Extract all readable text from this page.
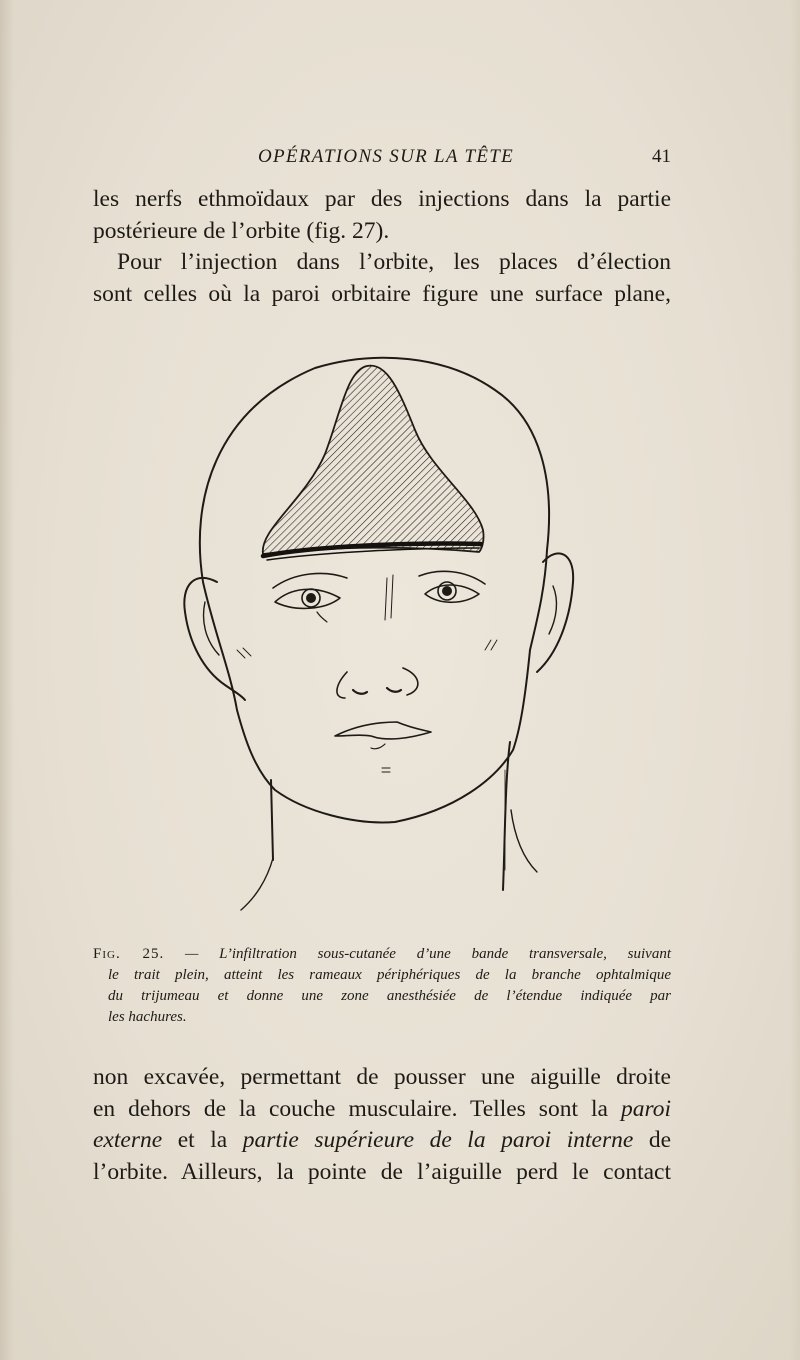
OPÉRATIONS SUR LA TÊTE	41
les nerfs ethmoïdaux par des injections dans la partie
postérieure de l’orbite (fig. 27).
Pour l’injection dans l’orbite, les places d’élection
sont celles où la paroi orbitaire figure une surface plane,
Fig. 25. — L’infiltration sous-cutanée d’une bande transversale, suivant
le trait plein, atteint les rameaux périphériques de la branche ophtalmique
du trijumeau et donne une zone anesthésiée de l’étendue indiquée par
les hachures.
non excavée, permettant de pousser une aiguille droite
en dehors de la couche musculaire. Telles sont la paroi
externe et la partie supérieure de la paroi interne de
l’orbite. Ailleurs, la pointe de l’aiguille perd le contact
